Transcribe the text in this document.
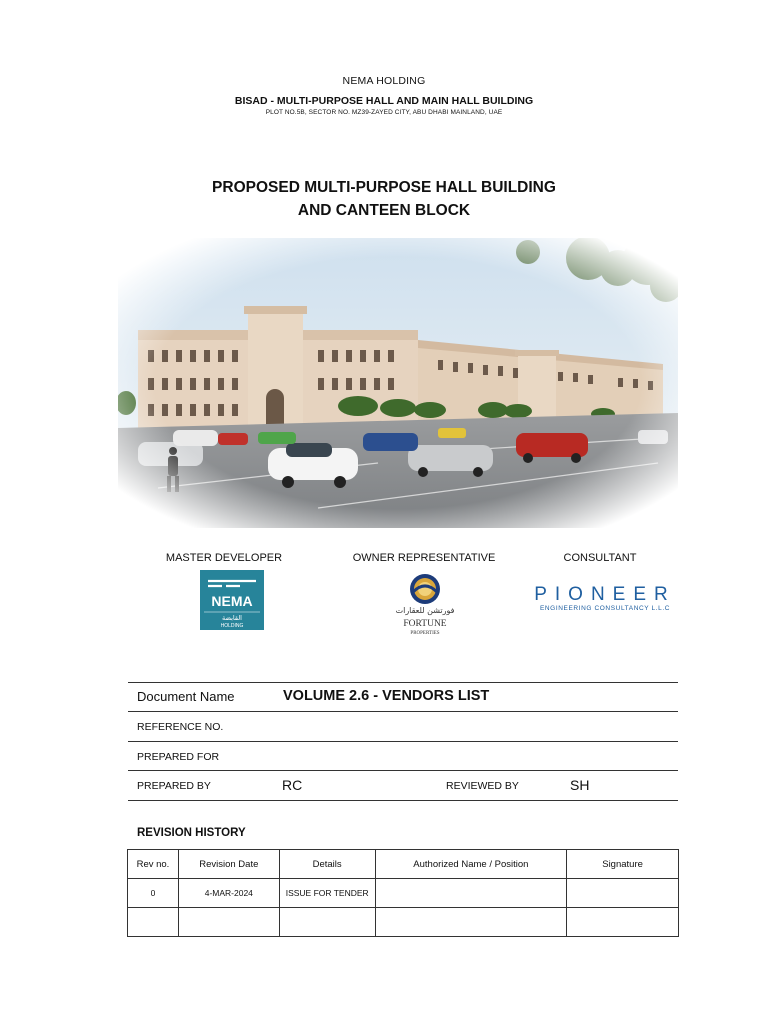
NEMA HOLDING
BISAD - MULTI-PURPOSE HALL AND MAIN HALL BUILDING
PLOT NO.5B, SECTOR NO. MZ39-ZAYED CITY, ABU DHABI MAINLAND, UAE
PROPOSED MULTI-PURPOSE HALL BUILDING
AND CANTEEN BLOCK
MASTER DEVELOPER	OWNER REPRESENTATIVE	CONSULTANT
NEMA
القابضة
HOLDING
فورتشن للعقارات
FORTUNE
PROPERTIES
PIONEER
ENGINEERING CONSULTANCY L.L.C
Document Name	VOLUME 2.6 - VENDORS LIST
REFERENCE NO.
PREPARED FOR
PREPARED BY	RC	REVIEWED BY	SH
REVISION HISTORY
Rev no.	Revision Date	Details	Authorized Name / Position	Signature
0	4-MAR-2024	ISSUE FOR TENDER		
